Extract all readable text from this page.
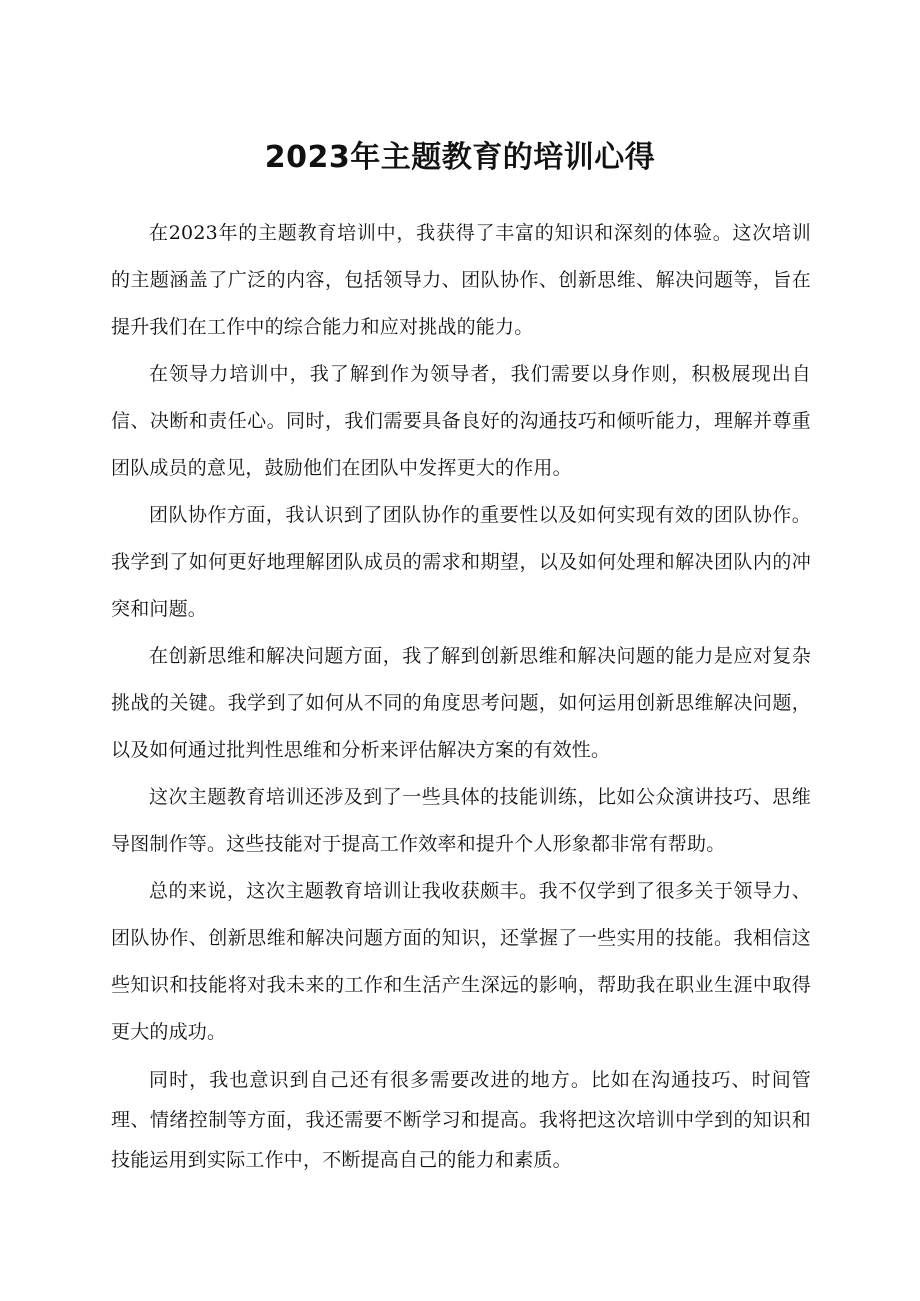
2023年主题教育的培训心得

在2023年的主题教育培训中，我获得了丰富的知识和深刻的体验。这次培训的主题涵盖了广泛的内容，包括领导力、团队协作、创新思维、解决问题等，旨在提升我们在工作中的综合能力和应对挑战的能力。

在领导力培训中，我了解到作为领导者，我们需要以身作则，积极展现出自信、决断和责任心。同时，我们需要具备良好的沟通技巧和倾听能力，理解并尊重团队成员的意见，鼓励他们在团队中发挥更大的作用。

团队协作方面，我认识到了团队协作的重要性以及如何实现有效的团队协作。我学到了如何更好地理解团队成员的需求和期望，以及如何处理和解决团队内的冲突和问题。

在创新思维和解决问题方面，我了解到创新思维和解决问题的能力是应对复杂挑战的关键。我学到了如何从不同的角度思考问题，如何运用创新思维解决问题，以及如何通过批判性思维和分析来评估解决方案的有效性。

这次主题教育培训还涉及到了一些具体的技能训练，比如公众演讲技巧、思维导图制作等。这些技能对于提高工作效率和提升个人形象都非常有帮助。

总的来说，这次主题教育培训让我收获颇丰。我不仅学到了很多关于领导力、团队协作、创新思维和解决问题方面的知识，还掌握了一些实用的技能。我相信这些知识和技能将对我未来的工作和生活产生深远的影响，帮助我在职业生涯中取得更大的成功。

同时，我也意识到自己还有很多需要改进的地方。比如在沟通技巧、时间管理、情绪控制等方面，我还需要不断学习和提高。我将把这次培训中学到的知识和技能运用到实际工作中，不断提高自己的能力和素质。
